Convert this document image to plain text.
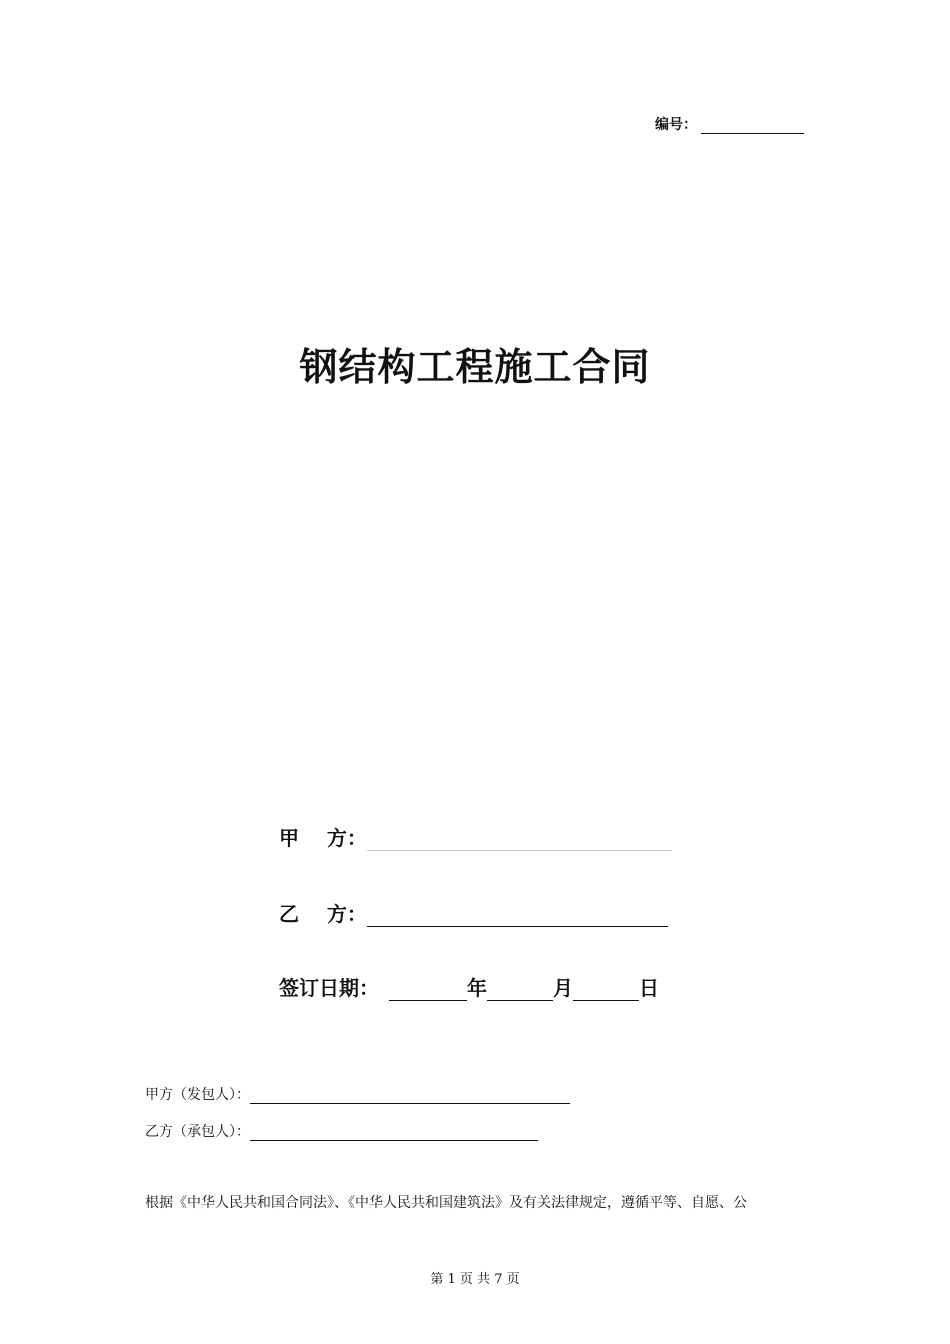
编号：
钢结构工程施工合同
甲    方：
乙    方：
签订日期：	年	月	日
甲方（发包人）：
乙方（承包人）：
根据《中华人民共和国合同法》、《中华人民共和国建筑法》及有关法律规定，遵循平等、自愿、公
第 1 页 共 7 页
